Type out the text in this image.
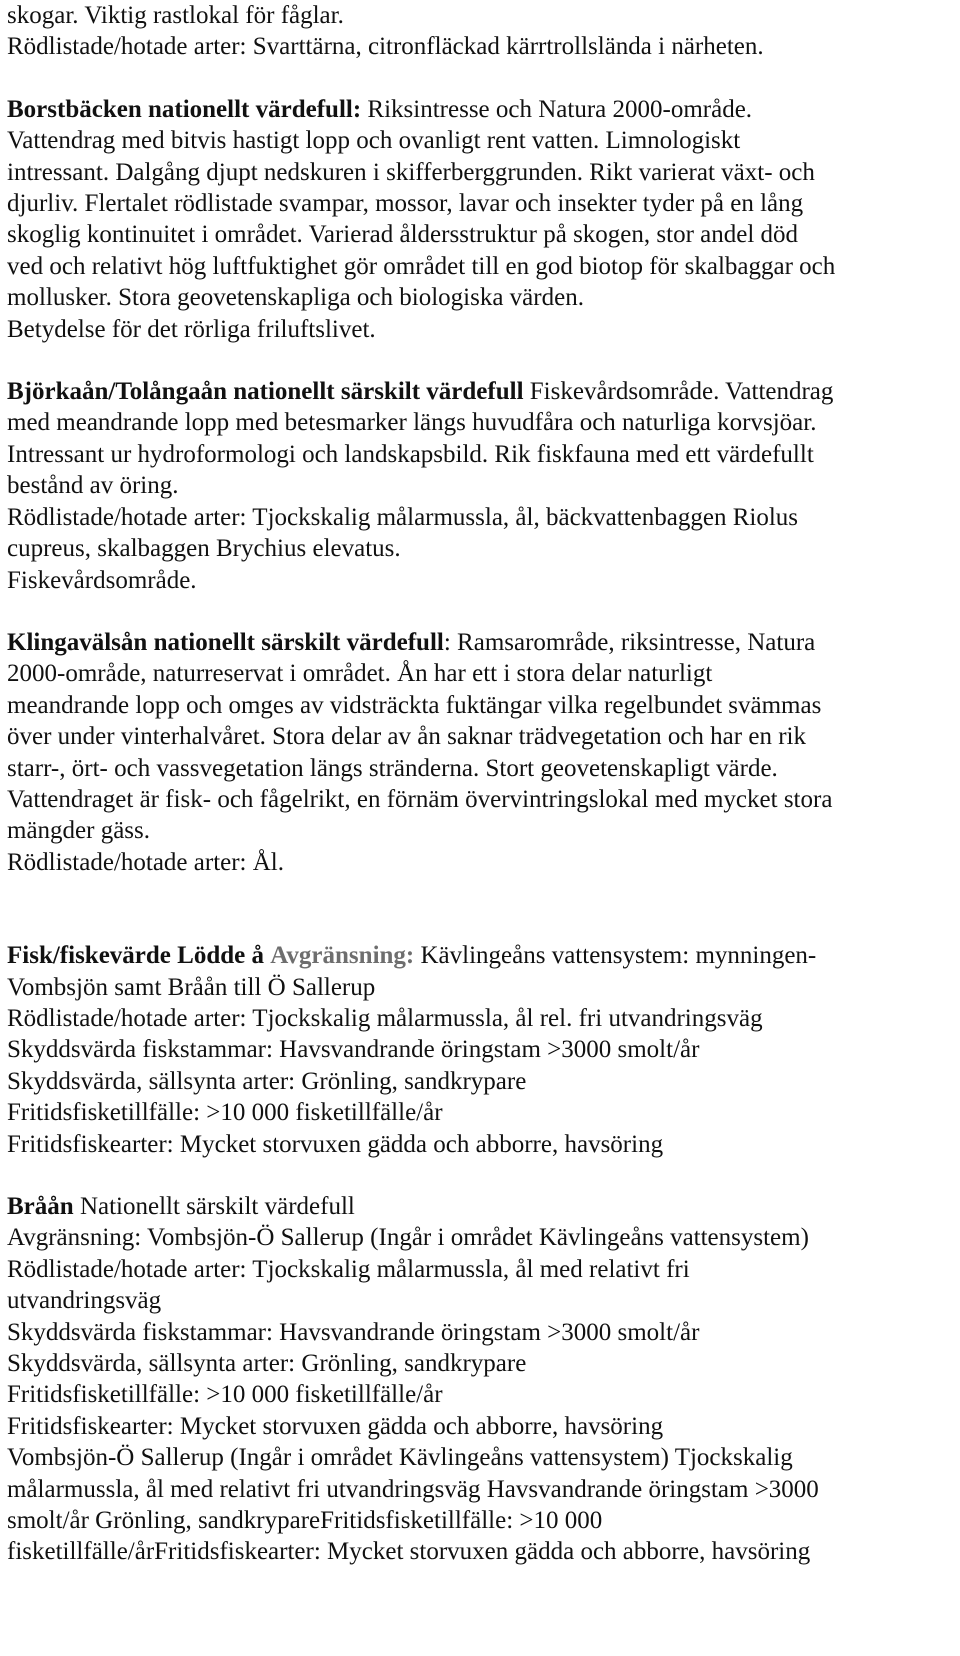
skogar. Viktig rastlokal för fåglar.
Rödlistade/hotade arter: Svarttärna, citronfläckad kärrtrollslända i närheten.
Borstbäcken nationellt värdefull: Riksintresse och Natura 2000-område.
Vattendrag med bitvis hastigt lopp och ovanligt rent vatten. Limnologiskt
intressant. Dalgång djupt nedskuren i skifferberggrunden. Rikt varierat växt- och
djurliv. Flertalet rödlistade svampar, mossor, lavar och insekter tyder på en lång
skoglig kontinuitet i området. Varierad åldersstruktur på skogen, stor andel död
ved och relativt hög luftfuktighet gör området till en god biotop för skalbaggar och
mollusker. Stora geovetenskapliga och biologiska värden.
Betydelse för det rörliga friluftslivet.
Björkaån/Tolångaån nationellt särskilt värdefull Fiskevårdsområde. Vattendrag
med meandrande lopp med betesmarker längs huvudfåra och naturliga korvsjöar.
Intressant ur hydroformologi och landskapsbild. Rik fiskfauna med ett värdefullt
bestånd av öring.
Rödlistade/hotade arter: Tjockskalig målarmussla, ål, bäckvattenbaggen Riolus
cupreus, skalbaggen Brychius elevatus.
Fiskevårdsområde.
Klingavälsån nationellt särskilt värdefull: Ramsarområde, riksintresse, Natura
2000-område, naturreservat i området. Ån har ett i stora delar naturligt
meandrande lopp och omges av vidsträckta fuktängar vilka regelbundet svämmas
över under vinterhalvåret. Stora delar av ån saknar trädvegetation och har en rik
starr-, ört- och vassvegetation längs stränderna. Stort geovetenskapligt värde.
Vattendraget är fisk- och fågelrikt, en förnäm övervintringslokal med mycket stora
mängder gäss.
Rödlistade/hotade arter: Ål.
Fisk/fiskevärde Lödde å Avgränsning: Kävlingeåns vattensystem: mynningen-
Vombsjön samt Bråån till Ö Sallerup
Rödlistade/hotade arter: Tjockskalig målarmussla, ål rel. fri utvandringsväg
Skyddsvärda fiskstammar: Havsvandrande öringstam >3000 smolt/år
Skyddsvärda, sällsynta arter: Grönling, sandkrypare
Fritidsfisketillfälle: >10 000 fisketillfälle/år
Fritidsfiskearter: Mycket storvuxen gädda och abborre, havsöring
Bråån Nationellt särskilt värdefull
Avgränsning: Vombsjön-Ö Sallerup (Ingår i området Kävlingeåns vattensystem)
Rödlistade/hotade arter: Tjockskalig målarmussla, ål med relativt fri
utvandringsväg
Skyddsvärda fiskstammar: Havsvandrande öringstam >3000 smolt/år
Skyddsvärda, sällsynta arter: Grönling, sandkrypare
Fritidsfisketillfälle: >10 000 fisketillfälle/år
Fritidsfiskearter: Mycket storvuxen gädda och abborre, havsöring
Vombsjön-Ö Sallerup (Ingår i området Kävlingeåns vattensystem) Tjockskalig
målarmussla, ål med relativt fri utvandringsväg Havsvandrande öringstam >3000
smolt/år Grönling, sandkrypareFritidsfisketillfälle: >10 000
fisketillfälle/årFritidsfiskearter: Mycket storvuxen gädda och abborre, havsöring
